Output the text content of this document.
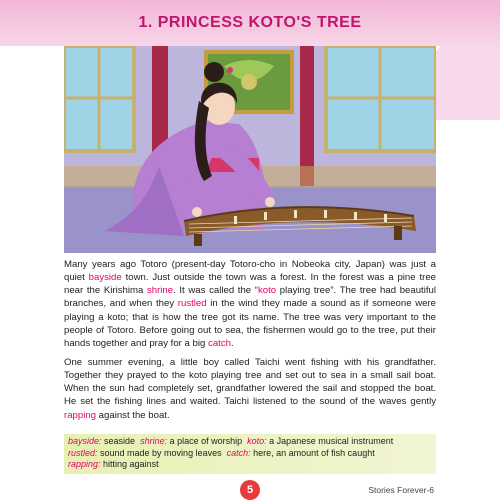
1. PRINCESS KOTO'S TREE

Many years ago Totoro (present-day Totoro-cho in Nobeoka city, Japan) was just a quiet bayside town. Just outside the town was a forest. In the forest was a pine tree near the Kirishima shrine. It was called the “koto playing tree”. The tree had beautiful branches, and when they rustled in the wind they made a sound as if someone were playing a koto; that is how the tree got its name. The tree was very important to the people of Totoro. Before going out to sea, the fishermen would go to the tree, put their hands together and pray for a big catch.

One summer evening, a little boy called Taichi went fishing with his grandfather. Together they prayed to the koto playing tree and set out to sea in a small sail boat. When the sun had completely set, grandfather lowered the sail and stopped the boat. He set the fishing lines and waited. Taichi listened to the sound of the waves gently rapping against the boat.

bayside: seaside shrine: a place of worship koto: a Japanese musical instrument
rustled: sound made by moving leaves catch: here, an amount of fish caught
rapping: hitting against
5	Stories Forever-6
